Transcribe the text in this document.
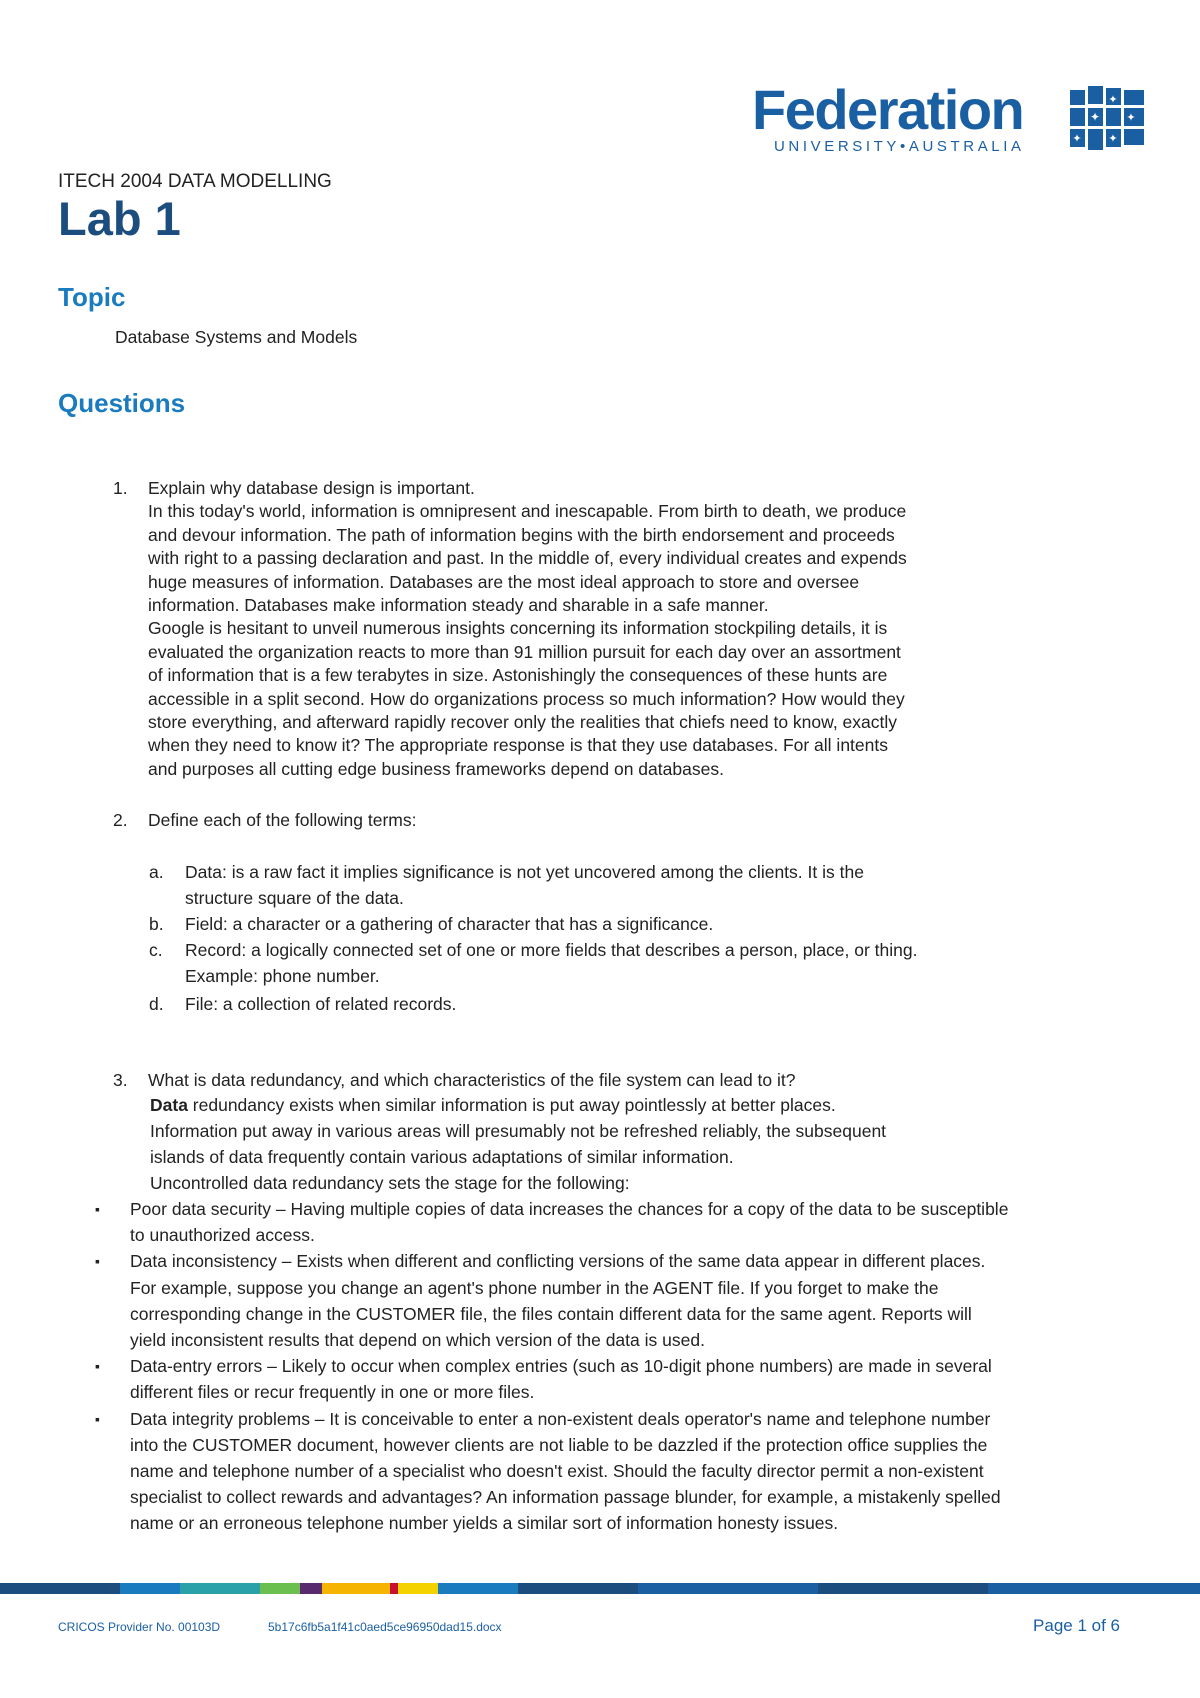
Federation
UNIVERSITY•AUSTRALIA
✦
✦
✦
✦
✦
ITECH 2004 DATA MODELLING
Lab 1
Topic
Database Systems and Models
Questions
1. Explain why database design is important.
In this today's world, information is omnipresent and inescapable. From birth to death, we produce
and devour information. The path of information begins with the birth endorsement and proceeds
with right to a passing declaration and past. In the middle of, every individual creates and expends
huge measures of information. Databases are the most ideal approach to store and oversee
information. Databases make information steady and sharable in a safe manner.
Google is hesitant to unveil numerous insights concerning its information stockpiling details, it is
evaluated the organization reacts to more than 91 million pursuit for each day over an assortment
of information that is a few terabytes in size. Astonishingly the consequences of these hunts are
accessible in a split second. How do organizations process so much information? How would they
store everything, and afterward rapidly recover only the realities that chiefs need to know, exactly
when they need to know it? The appropriate response is that they use databases. For all intents
and purposes all cutting edge business frameworks depend on databases.
2. Define each of the following terms:
a. Data: is a raw fact it implies significance is not yet uncovered among the clients. It is the
structure square of the data.
b. Field: a character or a gathering of character that has a significance.
c. Record: a logically connected set of one or more fields that describes a person, place, or thing.
Example: phone number.
d. File: a collection of related records.
3. What is data redundancy, and which characteristics of the file system can lead to it?
Data redundancy exists when similar information is put away pointlessly at better places.
Information put away in various areas will presumably not be refreshed reliably, the subsequent
islands of data frequently contain various adaptations of similar information.
Uncontrolled data redundancy sets the stage for the following:
▪ Poor data security – Having multiple copies of data increases the chances for a copy of the data to be susceptible
to unauthorized access.
▪ Data inconsistency – Exists when different and conflicting versions of the same data appear in different places.
For example, suppose you change an agent's phone number in the AGENT file. If you forget to make the
corresponding change in the CUSTOMER file, the files contain different data for the same agent. Reports will
yield inconsistent results that depend on which version of the data is used.
▪ Data-entry errors – Likely to occur when complex entries (such as 10-digit phone numbers) are made in several
different files or recur frequently in one or more files.
▪ Data integrity problems – It is conceivable to enter a non-existent deals operator's name and telephone number
into the CUSTOMER document, however clients are not liable to be dazzled if the protection office supplies the
name and telephone number of a specialist who doesn't exist. Should the faculty director permit a non-existent
specialist to collect rewards and advantages? An information passage blunder, for example, a mistakenly spelled
name or an erroneous telephone number yields a similar sort of information honesty issues.
CRICOS Provider No. 00103D	5b17c6fb5a1f41c0aed5ce96950dad15.docx	Page 1 of 6
